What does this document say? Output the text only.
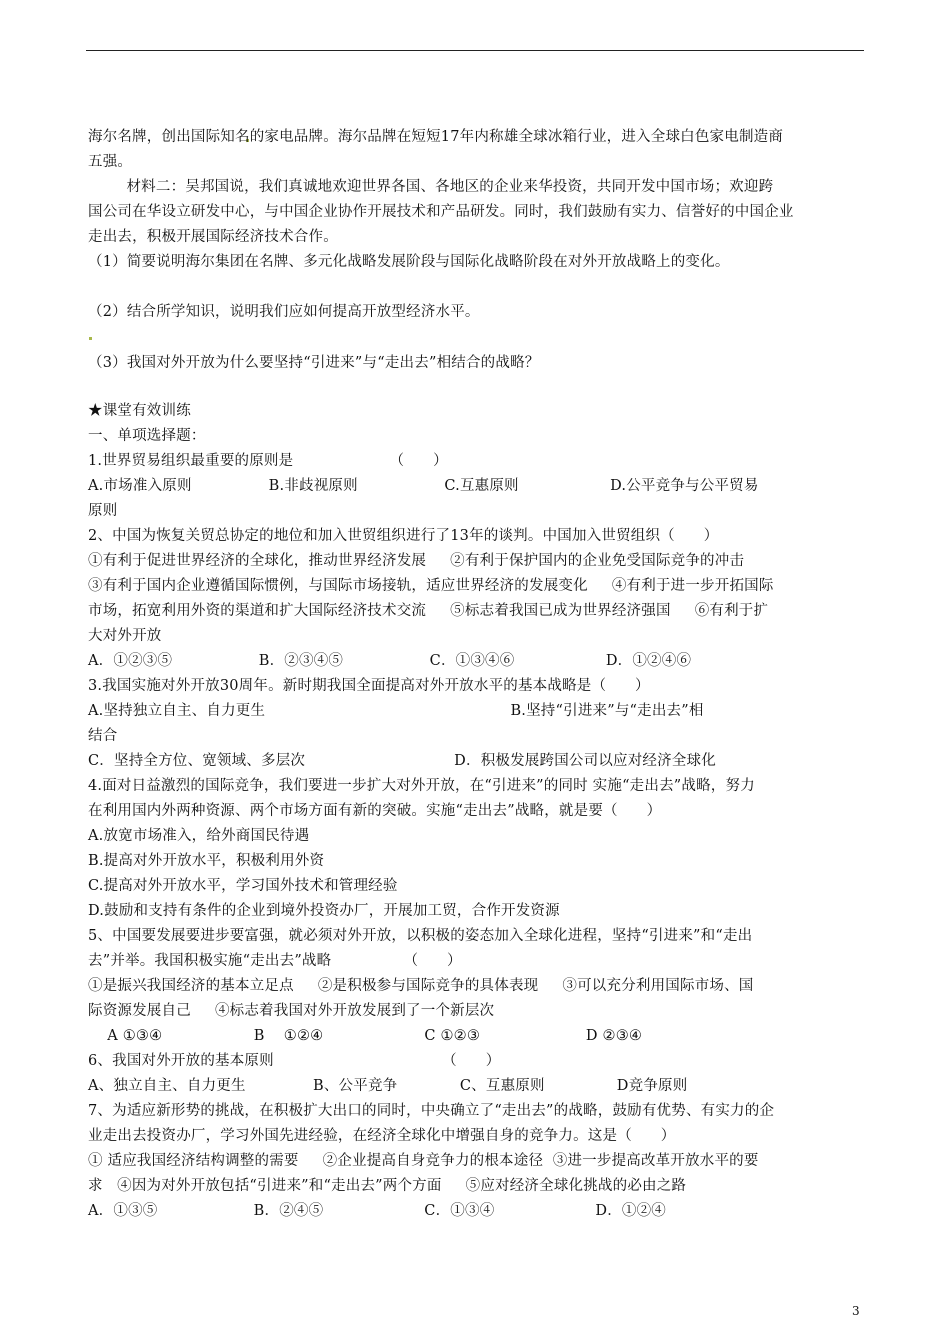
海尔名牌，创出国际知名的家电品牌。海尔品牌在短短17年内称雄全球冰箱行业，进入全球白色家电制造商
五强。
材料二：吴邦国说，我们真诚地欢迎世界各国、各地区的企业来华投资，共同开发中国市场；欢迎跨
国公司在华设立研发中心，与中国企业协作开展技术和产品研发。同时，我们鼓励有实力、信誉好的中国企业
走出去，积极开展国际经济技术合作。
（1）简要说明海尔集团在名牌、多元化战略发展阶段与国际化战略阶段在对外开放战略上的变化。
（2）结合所学知识，说明我们应如何提高开放型经济水平。
（3）我国对外开放为什么要坚持“引进来”与“走出去”相结合的战略？
★课堂有效训练
一、单项选择题：
1.世界贸易组织最重要的原则是                    （      ）
A.市场准入原则                B.非歧视原则                  C.互惠原则                   D.公平竞争与公平贸易
原则
2、中国为恢复关贸总协定的地位和加入世贸组织进行了13年的谈判。中国加入世贸组织（      ）
①有利于促进世界经济的全球化，推动世界经济发展     ②有利于保护国内的企业免受国际竞争的冲击
③有利于国内企业遵循国际惯例，与国际市场接轨，适应世界经济的发展变化     ④有利于进一步开拓国际
市场，拓宽利用外资的渠道和扩大国际经济技术交流     ⑤标志着我国已成为世界经济强国     ⑥有利于扩
大对外开放
A．①②③⑤                  B．②③④⑤                  C．①③④⑥                   D．①②④⑥
3.我国实施对外开放30周年。新时期我国全面提高对外开放水平的基本战略是（      ）
A.坚持独立自主、自力更生                                                   B.坚持“引进来”与“走出去”相
结合
C．坚持全方位、宽领域、多层次                               D．积极发展跨国公司以应对经济全球化
4.面对日益激烈的国际竞争，我们要进一步扩大对外开放，在“引进来”的同时 实施“走出去”战略，努力
在利用国内外两种资源、两个市场方面有新的突破。实施“走出去”战略，就是要（      ）
A.放宽市场准入，给外商国民待遇
B.提高对外开放水平，积极利用外资
C.提高对外开放水平，学习国外技术和管理经验
D.鼓励和支持有条件的企业到境外投资办厂，开展加工贸，合作开发资源
5、中国要发展要进步要富强，就必须对外开放，以积极的姿态加入全球化进程，坚持“引进来”和“走出
去”并举。我国积极实施“走出去”战略               （      ）
①是振兴我国经济的基本立足点     ②是积极参与国际竞争的具体表现     ③可以充分利用国际市场、国
际资源发展自己     ④标志着我国对外开放发展到了一个新层次
A ①③④                   B    ①②④                     C ①②③                      D ②③④
6、我国对外开放的基本原则                                   （      ）
A、独立自主、自力更生              B、公平竞争             C、互惠原则               D竞争原则
7、为适应新形势的挑战，在积极扩大出口的同时，中央确立了“走出去”的战略，鼓励有优势、有实力的企
业走出去投资办厂，学习外国先进经验，在经济全球化中增强自身的竞争力。这是（      ）
① 适应我国经济结构调整的需要     ②企业提高自身竞争力的根本途径  ③进一步提高改革开放水平的要
求   ④因为对外开放包括“引进来”和“走出去”两个方面     ⑤应对经济全球化挑战的必由之路
A．①③⑤                    B．②④⑤                     C．①③④                     D．①②④
3
